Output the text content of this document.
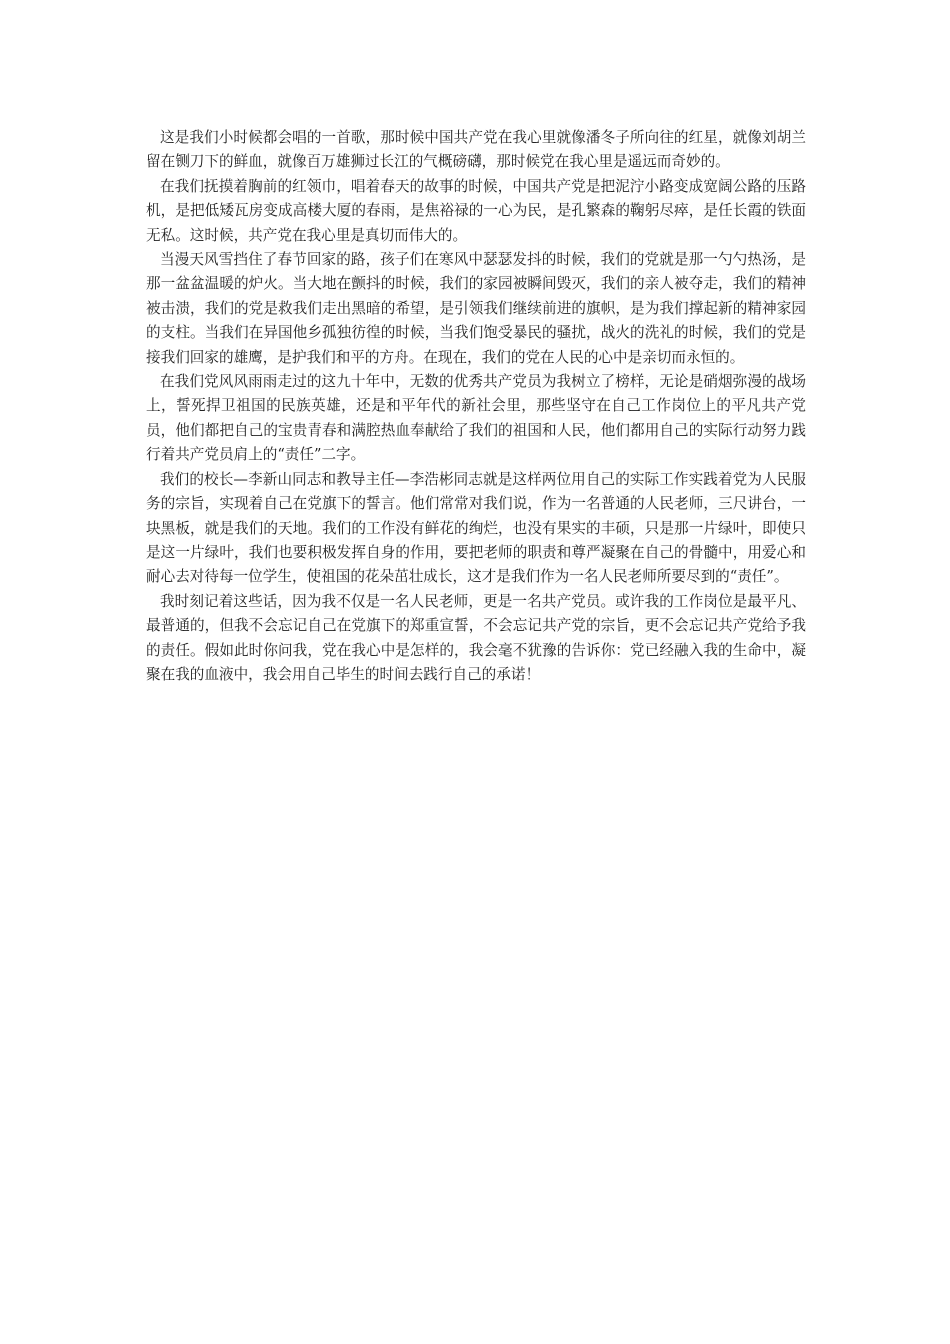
这是我们小时候都会唱的一首歌，那时候中国共产党在我心里就像潘冬子所向往的红星，就像刘胡兰留在铡刀下的鲜血，就像百万雄狮过长江的气概磅礴，那时候党在我心里是遥远而奇妙的。

在我们抚摸着胸前的红领巾，唱着春天的故事的时候，中国共产党是把泥泞小路变成宽阔公路的压路机，是把低矮瓦房变成高楼大厦的春雨，是焦裕禄的一心为民，是孔繁森的鞠躬尽瘁，是任长霞的铁面无私。这时候，共产党在我心里是真切而伟大的。

当漫天风雪挡住了春节回家的路，孩子们在寒风中瑟瑟发抖的时候，我们的党就是那一勺勺热汤，是那一盆盆温暖的炉火。当大地在颤抖的时候，我们的家园被瞬间毁灭，我们的亲人被夺走，我们的精神被击溃，我们的党是救我们走出黑暗的希望，是引领我们继续前进的旗帜，是为我们撑起新的精神家园的支柱。当我们在异国他乡孤独彷徨的时候，当我们饱受暴民的骚扰，战火的洗礼的时候，我们的党是接我们回家的雄鹰，是护我们和平的方舟。在现在，我们的党在人民的心中是亲切而永恒的。

在我们党风风雨雨走过的这九十年中，无数的优秀共产党员为我树立了榜样，无论是硝烟弥漫的战场上，誓死捍卫祖国的民族英雄，还是和平年代的新社会里，那些坚守在自己工作岗位上的平凡共产党员，他们都把自己的宝贵青春和满腔热血奉献给了我们的祖国和人民，他们都用自己的实际行动努力践行着共产党员肩上的“责任”二字。

我们的校长—李新山同志和教导主任—李浩彬同志就是这样两位用自己的实际工作实践着党为人民服务的宗旨，实现着自己在党旗下的誓言。他们常常对我们说，作为一名普通的人民老师，三尺讲台，一块黑板，就是我们的天地。我们的工作没有鲜花的绚烂，也没有果实的丰硕，只是那一片绿叶，即使只是这一片绿叶，我们也要积极发挥自身的作用，要把老师的职责和尊严凝聚在自己的骨髓中，用爱心和耐心去对待每一位学生，使祖国的花朵茁壮成长，这才是我们作为一名人民老师所要尽到的“责任”。

我时刻记着这些话，因为我不仅是一名人民老师，更是一名共产党员。或许我的工作岗位是最平凡、最普通的，但我不会忘记自己在党旗下的郑重宣誓，不会忘记共产党的宗旨，更不会忘记共产党给予我的责任。假如此时你问我，党在我心中是怎样的，我会毫不犹豫的告诉你：党已经融入我的生命中，凝聚在我的血液中，我会用自己毕生的时间去践行自己的承诺！
